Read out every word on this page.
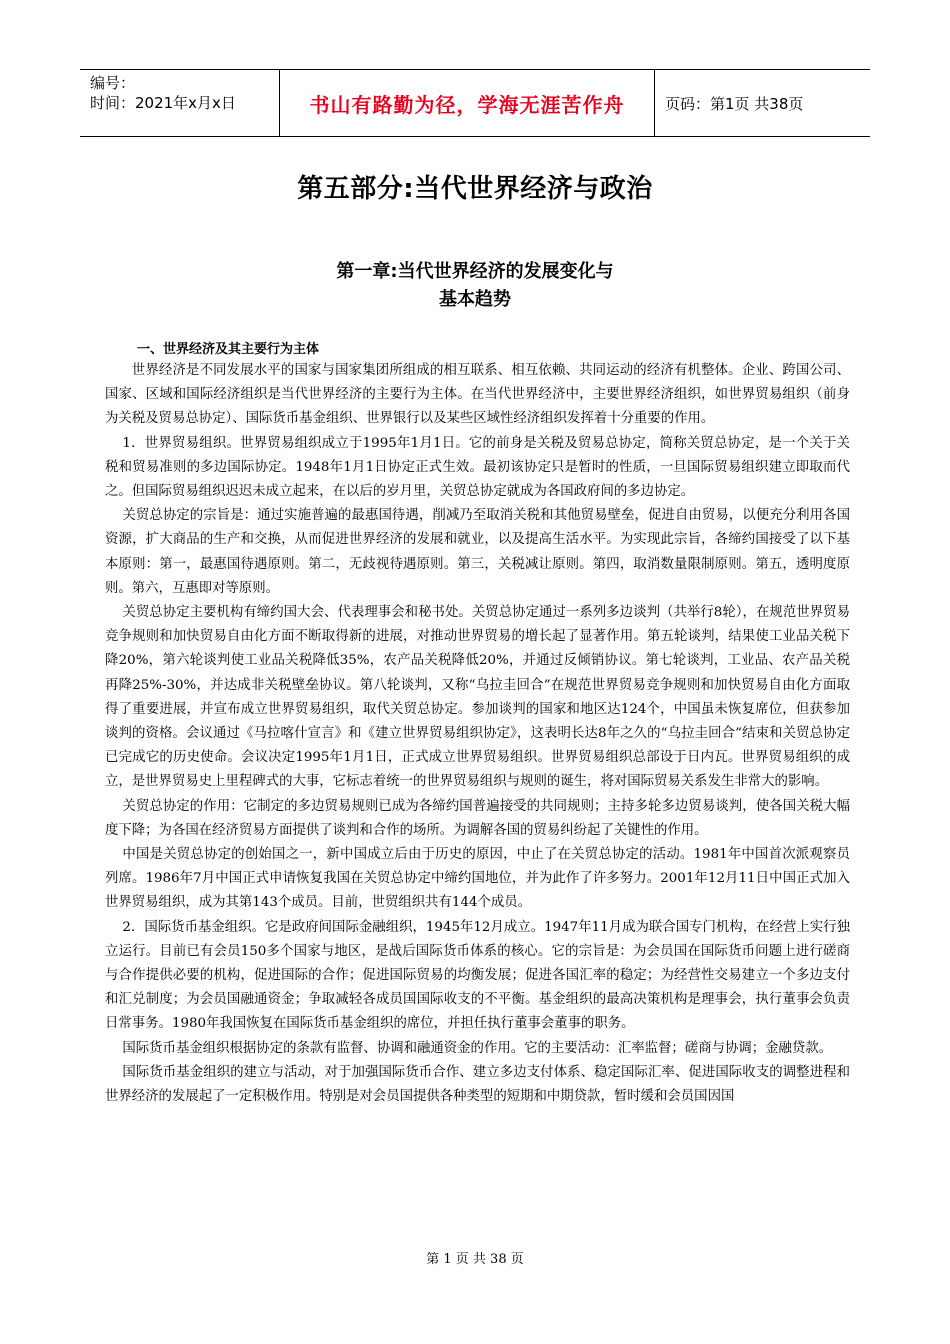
编号：
时间：2021年x月x日	书山有路勤为径，学海无涯苦作舟	页码：第1页 共38页
第五部分:当代世界经济与政治
第一章:当代世界经济的发展变化与
基本趋势
一、世界经济及其主要行为主体

世界经济是不同发展水平的国家与国家集团所组成的相互联系、相互依赖、共同运动的经济有机整体。企业、跨国公司、国家、区域和国际经济组织是当代世界经济的主要行为主体。在当代世界经济中，主要世界经济组织，如世界贸易组织（前身为关税及贸易总协定）、国际货币基金组织、世界银行以及某些区域性经济组织发挥着十分重要的作用。

1．世界贸易组织。世界贸易组织成立于1995年1月1日。它的前身是关税及贸易总协定，简称关贸总协定，是一个关于关税和贸易准则的多边国际协定。1948年1月1日协定正式生效。最初该协定只是暂时的性质，一旦国际贸易组织建立即取而代之。但国际贸易组织迟迟未成立起来，在以后的岁月里，关贸总协定就成为各国政府间的多边协定。

关贸总协定的宗旨是：通过实施普遍的最惠国待遇，削减乃至取消关税和其他贸易壁垒，促进自由贸易，以便充分利用各国资源，扩大商品的生产和交换，从而促进世界经济的发展和就业，以及提高生活水平。为实现此宗旨，各缔约国接受了以下基本原则：第一，最惠国待遇原则。第二，无歧视待遇原则。第三，关税减让原则。第四，取消数量限制原则。第五，透明度原则。第六，互惠即对等原则。

关贸总协定主要机构有缔约国大会、代表理事会和秘书处。关贸总协定通过一系列多边谈判（共举行8轮），在规范世界贸易竞争规则和加快贸易自由化方面不断取得新的进展，对推动世界贸易的增长起了显著作用。第五轮谈判，结果使工业品关税下降20%，第六轮谈判使工业品关税降低35%，农产品关税降低20%，并通过反倾销协议。第七轮谈判，工业品、农产品关税再降25%-30%，并达成非关税壁垒协议。第八轮谈判，又称“乌拉圭回合”在规范世界贸易竞争规则和加快贸易自由化方面取得了重要进展，并宣布成立世界贸易组织，取代关贸总协定。参加谈判的国家和地区达124个，中国虽未恢复席位，但获参加谈判的资格。会议通过《马拉喀什宣言》和《建立世界贸易组织协定》，这表明长达8年之久的“乌拉圭回合”结束和关贸总协定已完成它的历史使命。会议决定1995年1月1日，正式成立世界贸易组织。世界贸易组织总部设于日内瓦。世界贸易组织的成立，是世界贸易史上里程碑式的大事，它标志着统一的世界贸易组织与规则的诞生，将对国际贸易关系发生非常大的影响。

关贸总协定的作用：它制定的多边贸易规则已成为各缔约国普遍接受的共同规则；主持多轮多边贸易谈判，使各国关税大幅度下降；为各国在经济贸易方面提供了谈判和合作的场所。为调解各国的贸易纠纷起了关键性的作用。

中国是关贸总协定的创始国之一，新中国成立后由于历史的原因，中止了在关贸总协定的活动。1981年中国首次派观察员列席。1986年7月中国正式申请恢复我国在关贸总协定中缔约国地位，并为此作了许多努力。2001年12月11日中国正式加入世界贸易组织，成为其第143个成员。目前，世贸组织共有144个成员。

2．国际货币基金组织。它是政府间国际金融组织，1945年12月成立。1947年11月成为联合国专门机构，在经营上实行独立运行。目前已有会员150多个国家与地区，是战后国际货币体系的核心。它的宗旨是：为会员国在国际货币问题上进行磋商与合作提供必要的机构，促进国际的合作；促进国际贸易的均衡发展；促进各国汇率的稳定；为经营性交易建立一个多边支付和汇兑制度；为会员国融通资金；争取减轻各成员国国际收支的不平衡。基金组织的最高决策机构是理事会，执行董事会负责日常事务。1980年我国恢复在国际货币基金组织的席位，并担任执行董事会董事的职务。

国际货币基金组织根据协定的条款有监督、协调和融通资金的作用。它的主要活动：汇率监督；磋商与协调；金融贷款。

国际货币基金组织的建立与活动，对于加强国际货币合作、建立多边支付体系、稳定国际汇率、促进国际收支的调整进程和世界经济的发展起了一定积极作用。特别是对会员国提供各种类型的短期和中期贷款，暂时缓和会员国因国

第 1 页 共 38 页
